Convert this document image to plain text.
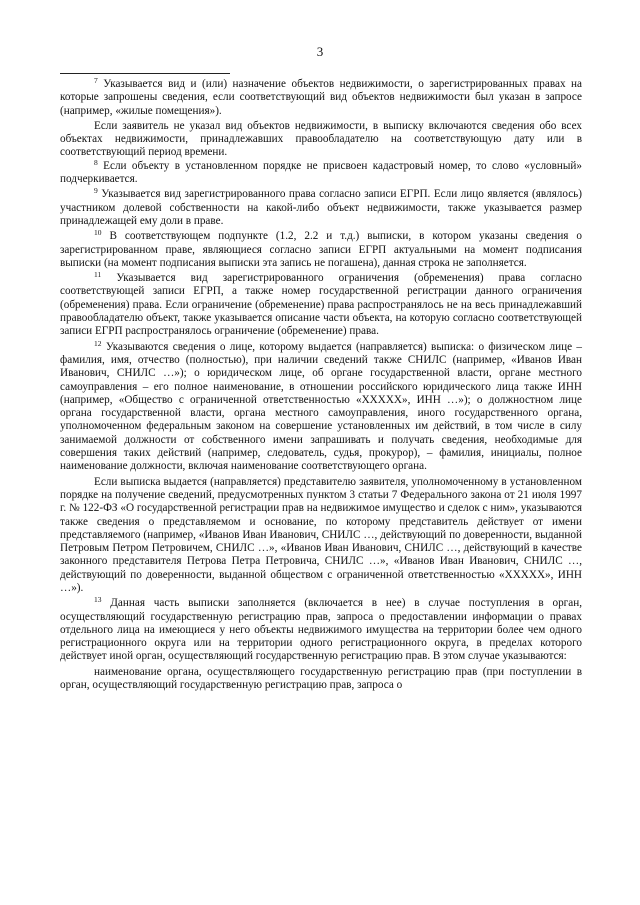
3

$^7$ Указывается вид и (или) назначение объектов недвижимости, о зарегистрированных правах на которые запрошены сведения, если соответствующий вид объектов недвижимости был указан в запросе (например, «жилые помещения»).

Если заявитель не указал вид объектов недвижимости, в выписку включаются сведения обо всех объектах недвижимости, принадлежавших правообладателю на соответствующую дату или в соответствующий период времени.

$^8$ Если объекту в установленном порядке не присвоен кадастровый номер, то слово «условный» подчеркивается.

$^9$ Указывается вид зарегистрированного права согласно записи ЕГРП. Если лицо является (являлось) участником долевой собственности на какой-либо объект недвижимости, также указывается размер принадлежащей ему доли в праве.

$^{10}$ В соответствующем подпункте (1.2, 2.2 и т.д.) выписки, в котором указаны сведения о зарегистрированном праве, являющиеся согласно записи ЕГРП актуальными на момент подписания выписки (на момент подписания выписки эта запись не погашена), данная строка не заполняется.

$^{11}$ Указывается вид зарегистрированного ограничения (обременения) права согласно соответствующей записи ЕГРП, а также номер государственной регистрации данного ограничения (обременения) права. Если ограничение (обременение) права распространялось не на весь принадлежавший правообладателю объект, также указывается описание части объекта, на которую согласно соответствующей записи ЕГРП распространялось ограничение (обременение) права.

$^{12}$ Указываются сведения о лице, которому выдается (направляется) выписка: о физическом лице – фамилия, имя, отчество (полностью), при наличии сведений также СНИЛС (например, «Иванов Иван Иванович, СНИЛС …»); о юридическом лице, об органе государственной власти, органе местного самоуправления – его полное наименование, в отношении российского юридического лица также ИНН (например, «Общество с ограниченной ответственностью «ХХХХХ», ИНН …»); о должностном лице органа государственной власти, органа местного самоуправления, иного государственного органа, уполномоченном федеральным законом на совершение установленных им действий, в том числе в силу занимаемой должности от собственного имени запрашивать и получать сведения, необходимые для совершения таких действий (например, следователь, судья, прокурор), – фамилия, инициалы, полное наименование должности, включая наименование соответствующего органа.

Если выписка выдается (направляется) представителю заявителя, уполномоченному в установленном порядке на получение сведений, предусмотренных пунктом 3 статьи 7 Федерального закона от 21 июля 1997 г. № 122-ФЗ «О государственной регистрации прав на недвижимое имущество и сделок с ним», указываются также сведения о представляемом и основание, по которому представитель действует от имени представляемого (например, «Иванов Иван Иванович, СНИЛС …, действующий по доверенности, выданной Петровым Петром Петровичем, СНИЛС …», «Иванов Иван Иванович, СНИЛС …, действующий в качестве законного представителя Петрова Петра Петровича, СНИЛС …», «Иванов Иван Иванович, СНИЛС …, действующий по доверенности, выданной обществом с ограниченной ответственностью «ХХХХХ», ИНН …»).

$^{13}$ Данная часть выписки заполняется (включается в нее) в случае поступления в орган, осуществляющий государственную регистрацию прав, запроса о предоставлении информации о правах отдельного лица на имеющиеся у него объекты недвижимого имущества на территории более чем одного регистрационного округа или на территории одного регистрационного округа, в пределах которого действует иной орган, осуществляющий государственную регистрацию прав. В этом случае указываются:

наименование органа, осуществляющего государственную регистрацию прав (при поступлении в орган, осуществляющий государственную регистрацию прав, запроса о
